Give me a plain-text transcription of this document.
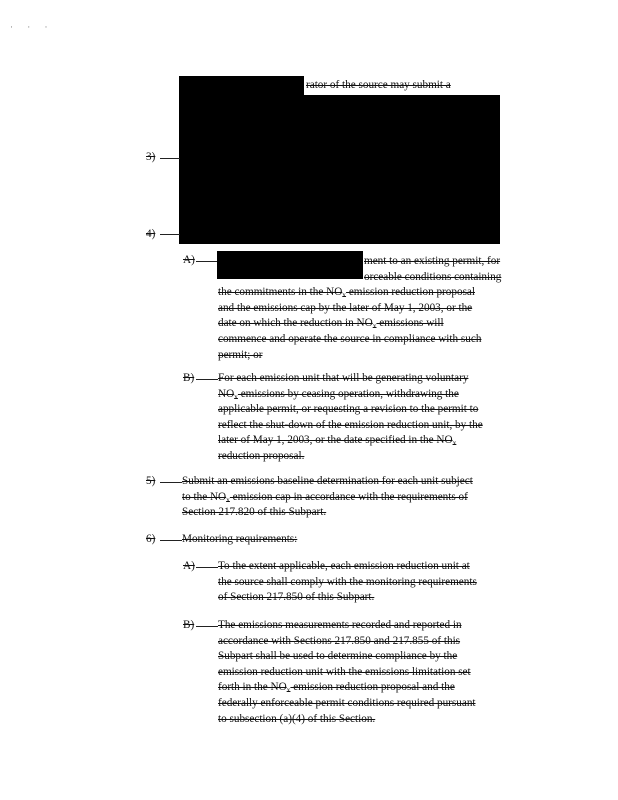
· · ·
rator of the source may submit a
3)
4)
A)	ment to an existing permit, for
orceable conditions containing
the commitments in the $NO_x$ emission reduction proposal
and the emissions cap by the later of May 1, 2003, or the
date on which the reduction in $NO_x$ emissions will
commence and operate the source in compliance with such
permit; or
B) For each emission unit that will be generating voluntary
$NO_x$ emissions by ceasing operation, withdrawing the
applicable permit, or requesting a revision to the permit to
reflect the shut-down of the emission reduction unit, by the
later of May 1, 2003, or the date specified in the $NO_x$
reduction proposal.
5) Submit an emissions baseline determination for each unit subject
to the $NO_x$ emission cap in accordance with the requirements of
Section 217.820 of this Subpart.
6) Monitoring requirements:
A) To the extent applicable, each emission reduction unit at
the source shall comply with the monitoring requirements
of Section 217.850 of this Subpart.
B) The emissions measurements recorded and reported in
accordance with Sections 217.850 and 217.855 of this
Subpart shall be used to determine compliance by the
emission reduction unit with the emissions limitation set
forth in the $NO_x$ emission reduction proposal and the
federally enforceable permit conditions required pursuant
to subsection (a)(4) of this Section.
